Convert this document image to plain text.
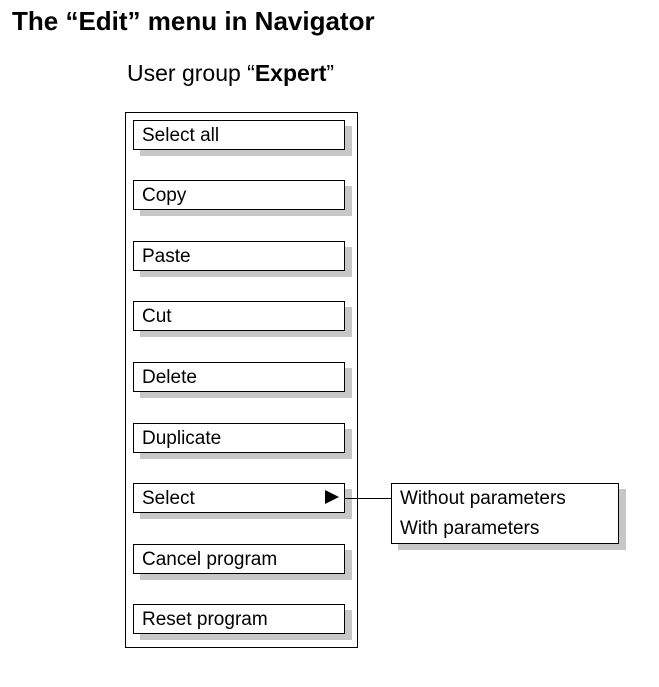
The “Edit” menu in Navigator
User group “Expert”
Select all
Copy
Paste
Cut
Delete
Duplicate
Select
Cancel program
Reset program
Without parameters
With parameters
